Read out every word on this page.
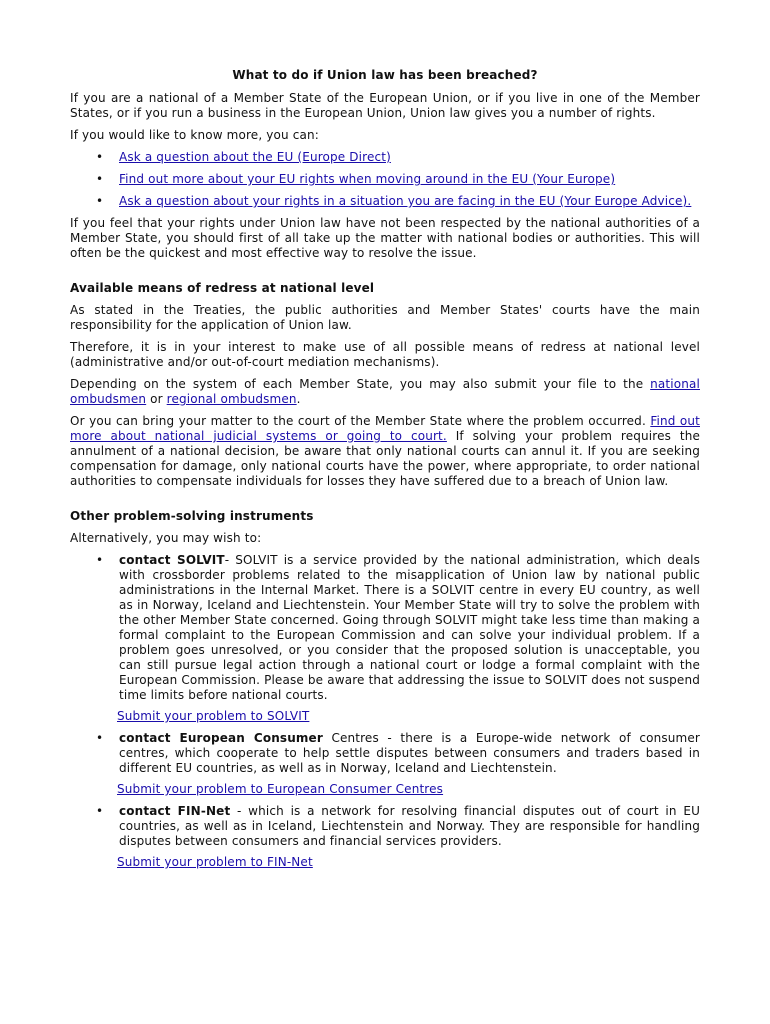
What to do if Union law has been breached?

If you are a national of a Member State of the European Union, or if you live in one of the Member States, or if you run a business in the European Union, Union law gives you a number of rights.

If you would like to know more, you can:

• Ask a question about the EU (Europe Direct)
• Find out more about your EU rights when moving around in the EU (Your Europe)
• Ask a question about your rights in a situation you are facing in the EU (Your Europe Advice).

If you feel that your rights under Union law have not been respected by the national authorities of a Member State, you should first of all take up the matter with national bodies or authorities. This will often be the quickest and most effective way to resolve the issue.

Available means of redress at national level

As stated in the Treaties, the public authorities and Member States' courts have the main responsibility for the application of Union law.

Therefore, it is in your interest to make use of all possible means of redress at national level (administrative and/or out-of-court mediation mechanisms).

Depending on the system of each Member State, you may also submit your file to the national ombudsmen or regional ombudsmen.

Or you can bring your matter to the court of the Member State where the problem occurred. Find out more about national judicial systems or going to court. If solving your problem requires the annulment of a national decision, be aware that only national courts can annul it. If you are seeking compensation for damage, only national courts have the power, where appropriate, to order national authorities to compensate individuals for losses they have suffered due to a breach of Union law.

Other problem-solving instruments

Alternatively, you may wish to:

• contact SOLVIT- SOLVIT is a service provided by the national administration, which deals with crossborder problems related to the misapplication of Union law by national public administrations in the Internal Market. There is a SOLVIT centre in every EU country, as well as in Norway, Iceland and Liechtenstein. Your Member State will try to solve the problem with the other Member State concerned. Going through SOLVIT might take less time than making a formal complaint to the European Commission and can solve your individual problem. If a problem goes unresolved, or you consider that the proposed solution is unacceptable, you can still pursue legal action through a national court or lodge a formal complaint with the European Commission. Please be aware that addressing the issue to SOLVIT does not suspend time limits before national courts.
Submit your problem to SOLVIT
• contact European Consumer Centres - there is a Europe-wide network of consumer centres, which cooperate to help settle disputes between consumers and traders based in different EU countries, as well as in Norway, Iceland and Liechtenstein.
Submit your problem to European Consumer Centres
• contact FIN-Net - which is a network for resolving financial disputes out of court in EU countries, as well as in Iceland, Liechtenstein and Norway. They are responsible for handling disputes between consumers and financial services providers.
Submit your problem to FIN-Net
